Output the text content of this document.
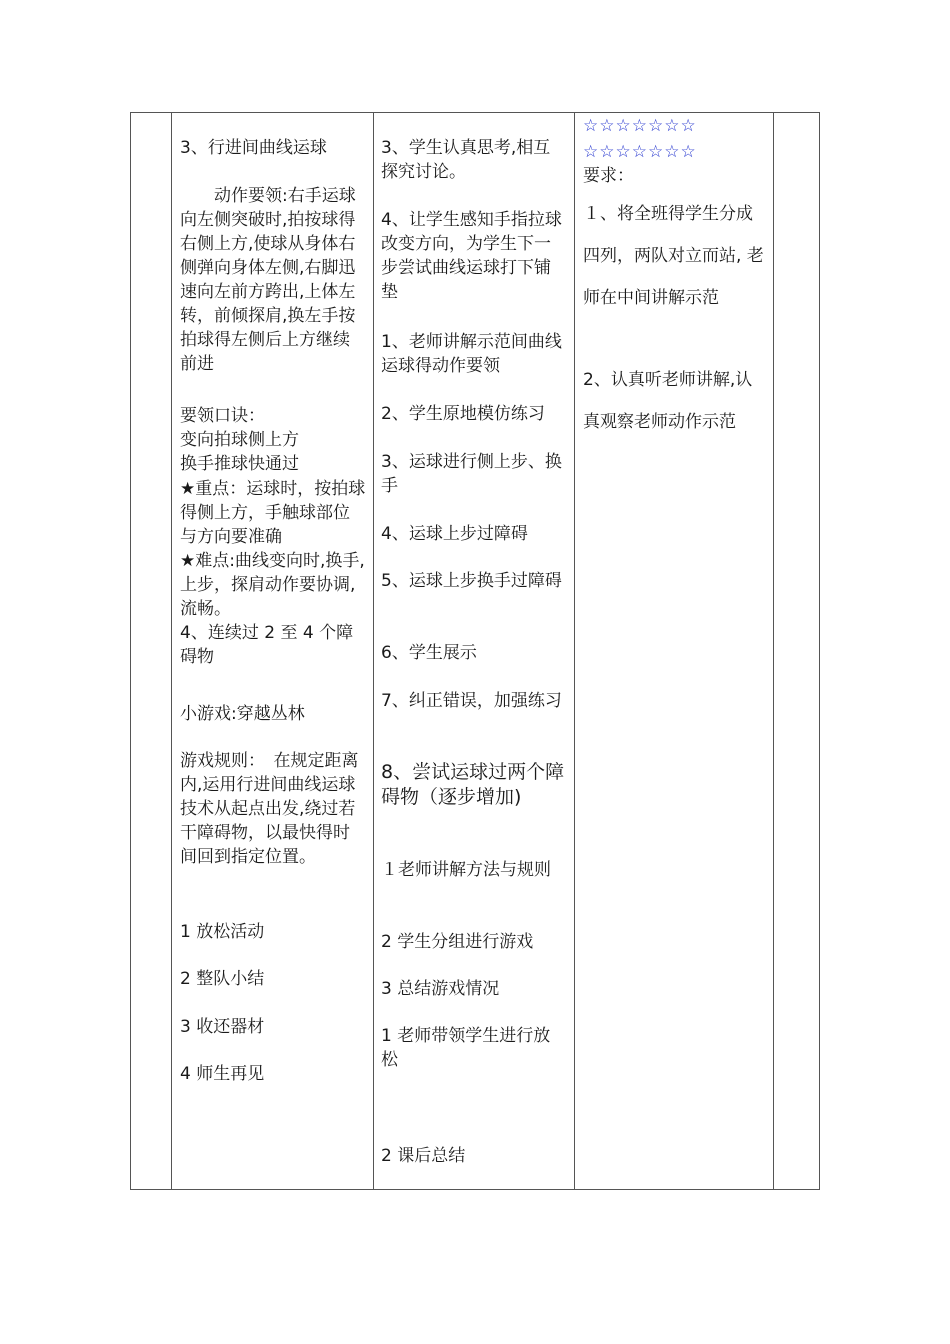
3、行进间曲线运球

　　动作要领:右手运球向左侧突破时,拍按球得右侧上方,使球从身体右侧弹向身体左侧,右脚迅速向左前方跨出,上体左转，前倾探肩,换左手按拍球得左侧后上方继续前进

要领口诀：

变向拍球侧上方

换手推球快通过

★重点：运球时，按拍球得侧上方，手触球部位与方向要准确

★难点:曲线变向时,换手,上步，探肩动作要协调,流畅。

4、连续过 2 至 4 个障碍物

小游戏:穿越丛林

游戏规则：　在规定距离内,运用行进间曲线运球技术从起点出发,绕过若干障碍物，以最快得时间回到指定位置。

1 放松活动

2 整队小结

3 收还器材

4 师生再见

3、学生认真思考,相互探究讨论。

4、让学生感知手指拉球改变方向，为学生下一步尝试曲线运球打下铺垫

1、老师讲解示范间曲线运球得动作要领

2、学生原地模仿练习

3、运球进行侧上步、换手

4、运球上步过障碍

5、运球上步换手过障碍

6、学生展示

7、纠正错误，加强练习

8、尝试运球过两个障碍物（逐步增加)

１老师讲解方法与规则

2 学生分组进行游戏

3 总结游戏情况

1 老师带领学生进行放松

2 课后总结

☆☆☆☆☆☆☆

☆☆☆☆☆☆☆

要求：

１、将全班得学生分成四列，两队对立而站, 老师在中间讲解示范

2、认真听老师讲解,认真观察老师动作示范
